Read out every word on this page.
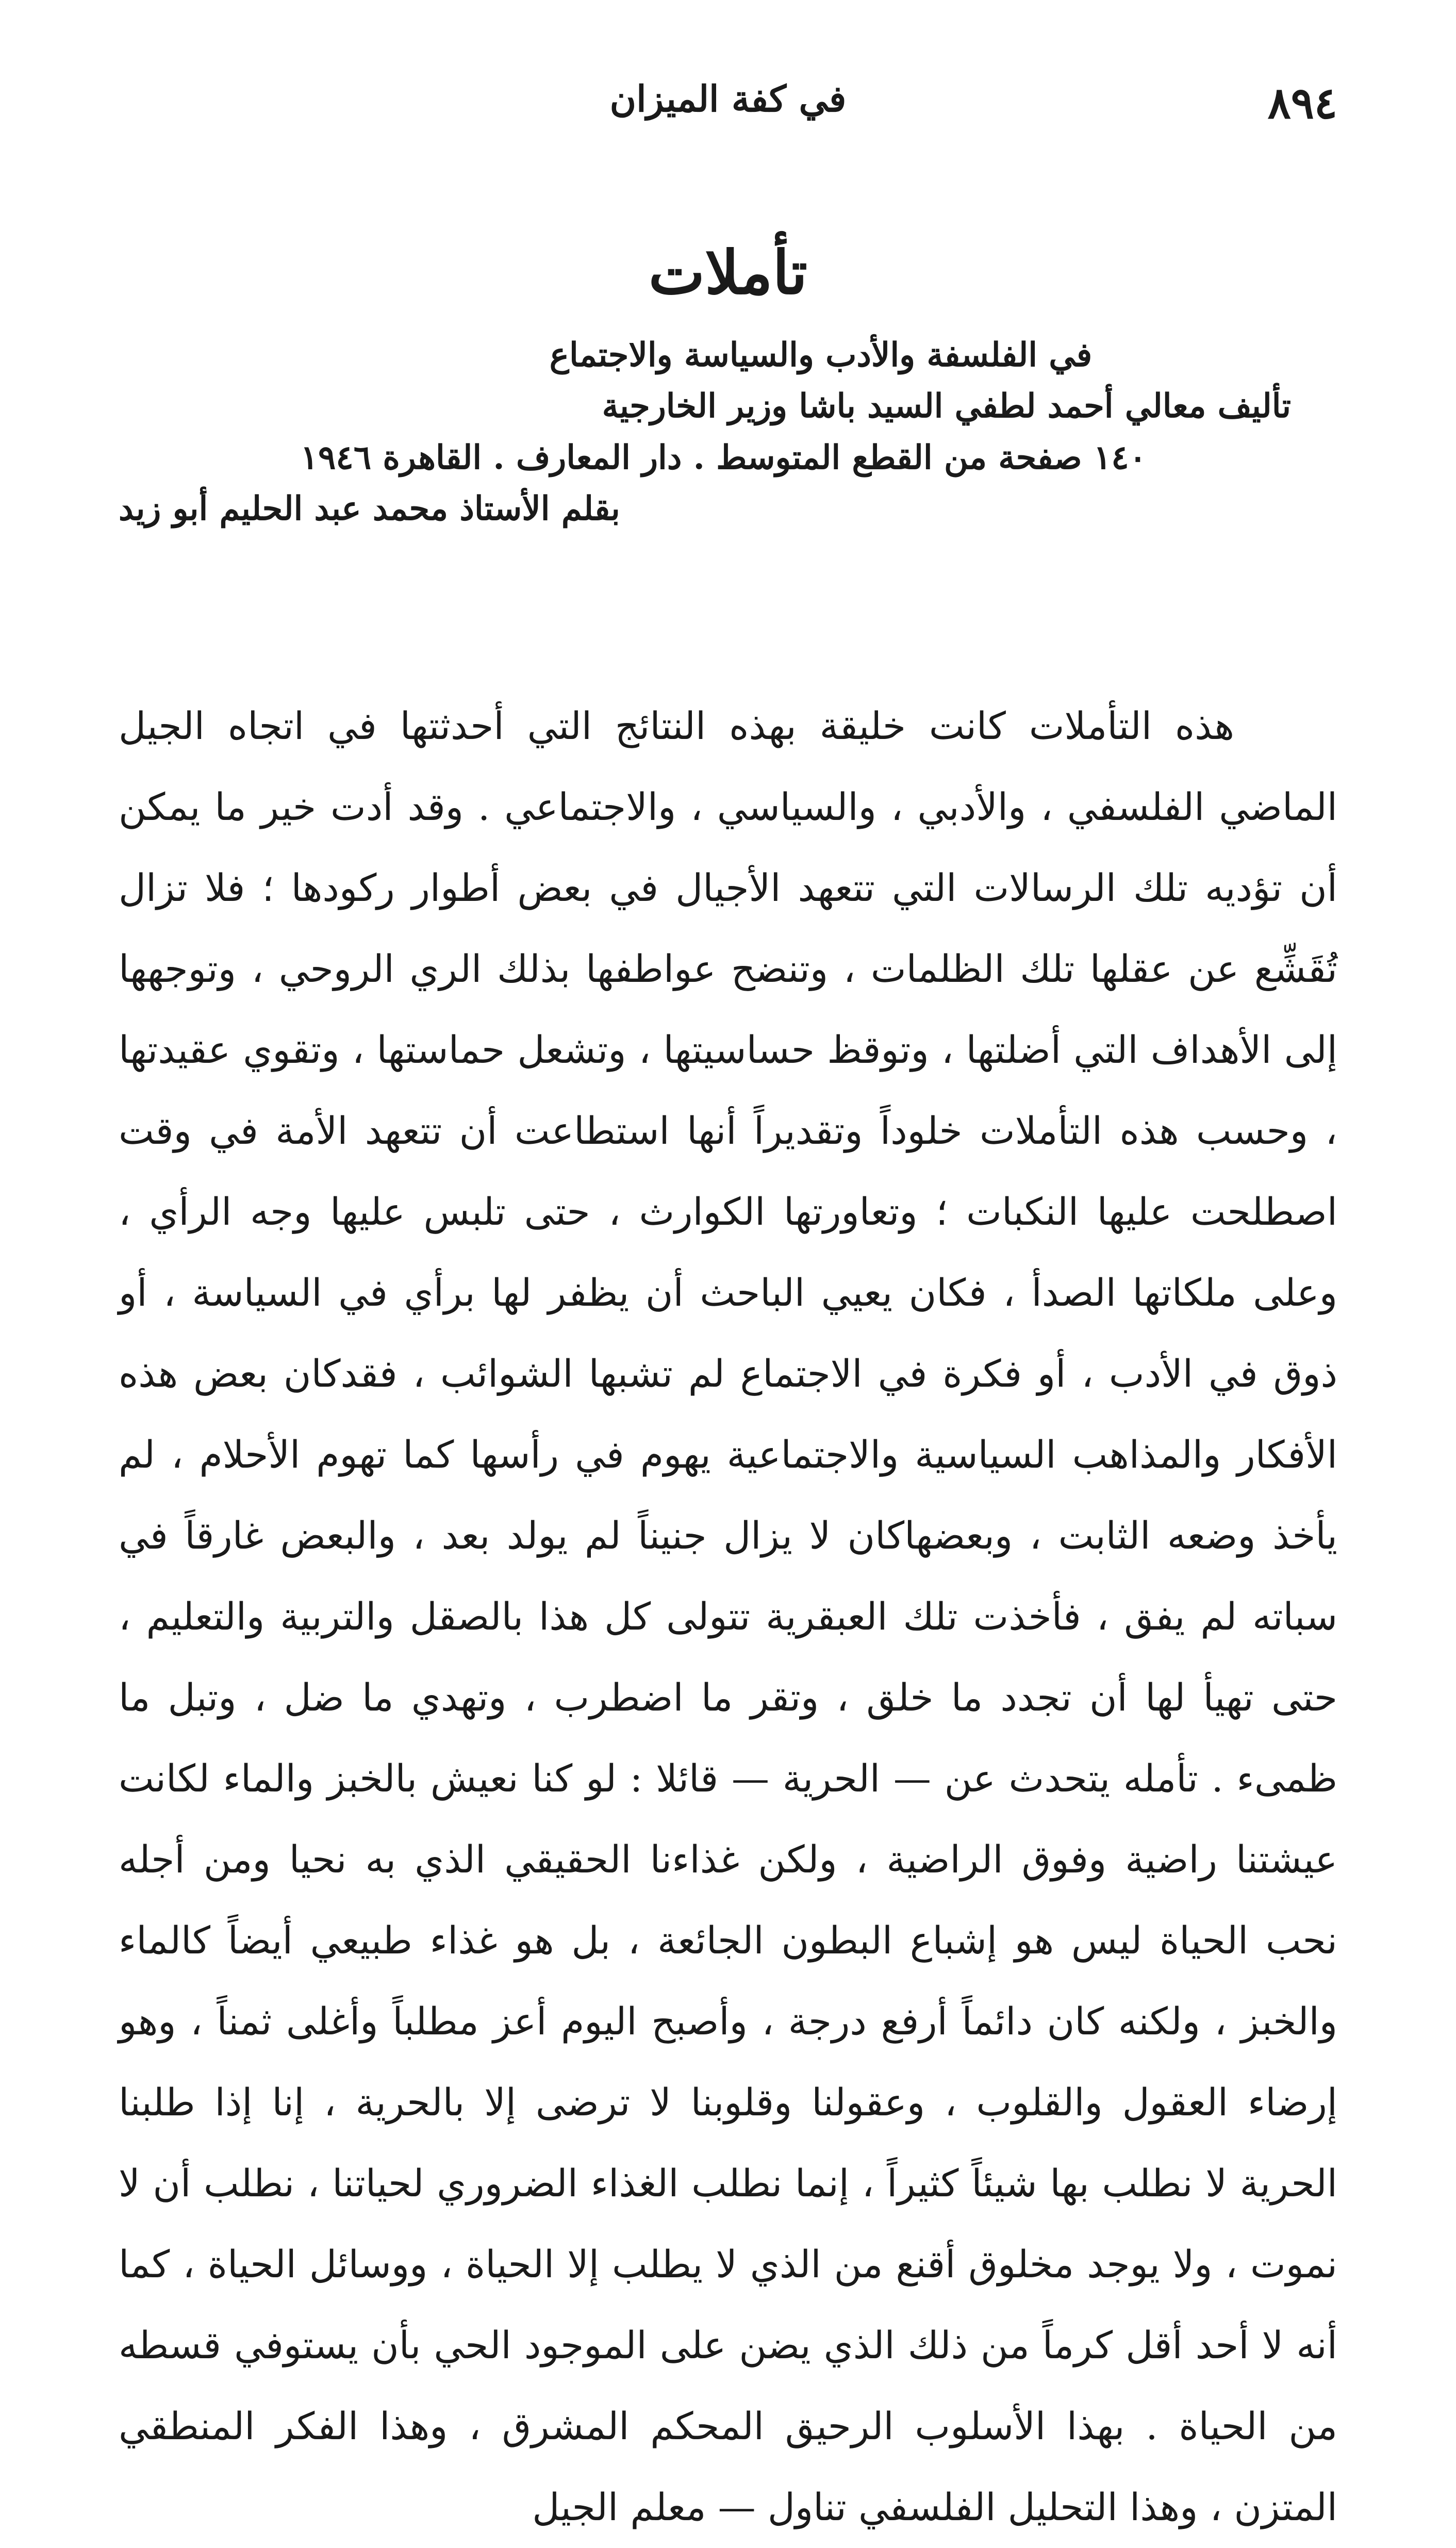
٨٩٤
في كفة الميزان
تأملات

في الفلسفة والأدب والسياسة والاجتماع

تأليف معالي أحمد لطفي السيد باشا وزير الخارجية

١٤٠ صفحة من القطع المتوسط . دار المعارف . القاهرة ١٩٤٦

بقلم الأستاذ محمد عبد الحليم أبو زيد

هذه التأملات كانت خليقة بهذه النتائج التي أحدثتها في اتجاه الجيل الماضي الفلسفي ، والأدبي ، والسياسي ، والاجتماعي . وقد أدت خير ما يمكن أن تؤديه تلك الرسالات التي تتعهد الأجيال في بعض أطوار ركودها ؛ فلا تزال تُقَشِّع عن عقلها تلك الظلمات ، وتنضح عواطفها بذلك الري الروحي ، وتوجهها إلى الأهداف التي أضلتها ، وتوقظ حساسيتها ، وتشعل حماستها ، وتقوي عقيدتها ، وحسب هذه التأملات خلوداً وتقديراً أنها استطاعت أن تتعهد الأمة في وقت اصطلحت عليها النكبات ؛ وتعاورتها الكوارث ، حتى تلبس عليها وجه الرأي ، وعلى ملكاتها الصدأ ، فكان يعيي الباحث أن يظفر لها برأي في السياسة ، أو ذوق في الأدب ، أو فكرة في الاجتماع لم تشبها الشوائب ، فقدكان بعض هذه الأفكار والمذاهب السياسية والاجتماعية يهوم في رأسها كما تهوم الأحلام ، لم يأخذ وضعه الثابت ، وبعضهاكان لا يزال جنيناً لم يولد بعد ، والبعض غارقاً في سباته لم يفق ، فأخذت تلك العبقرية تتولى كل هذا بالصقل والتربية والتعليم ، حتى تهيأ لها أن تجدد ما خلق ، وتقر ما اضطرب ، وتهدي ما ضل ، وتبل ما ظمىء . تأمله يتحدث عن — الحرية — قائلا : لو كنا نعيش بالخبز والماء لكانت عيشتنا راضية وفوق الراضية ، ولكن غذاءنا الحقيقي الذي به نحيا ومن أجله نحب الحياة ليس هو إشباع البطون الجائعة ، بل هو غذاء طبيعي أيضاً كالماء والخبز ، ولكنه كان دائماً أرفع درجة ، وأصبح اليوم أعز مطلباً وأغلى ثمناً ، وهو إرضاء العقول والقلوب ، وعقولنا وقلوبنا لا ترضى إلا بالحرية ، إنا إذا طلبنا الحرية لا نطلب بها شيئاً كثيراً ، إنما نطلب الغذاء الضروري لحياتنا ، نطلب أن لا نموت ، ولا يوجد مخلوق أقنع من الذي لا يطلب إلا الحياة ، ووسائل الحياة ، كما أنه لا أحد أقل كرماً من ذلك الذي يضن على الموجود الحي بأن يستوفي قسطه من الحياة . بهذا الأسلوب الرحيق المحكم المشرق ، وهذا الفكر المنطقي المتزن ، وهذا التحليل الفلسفي تناول — معلم الجيل
